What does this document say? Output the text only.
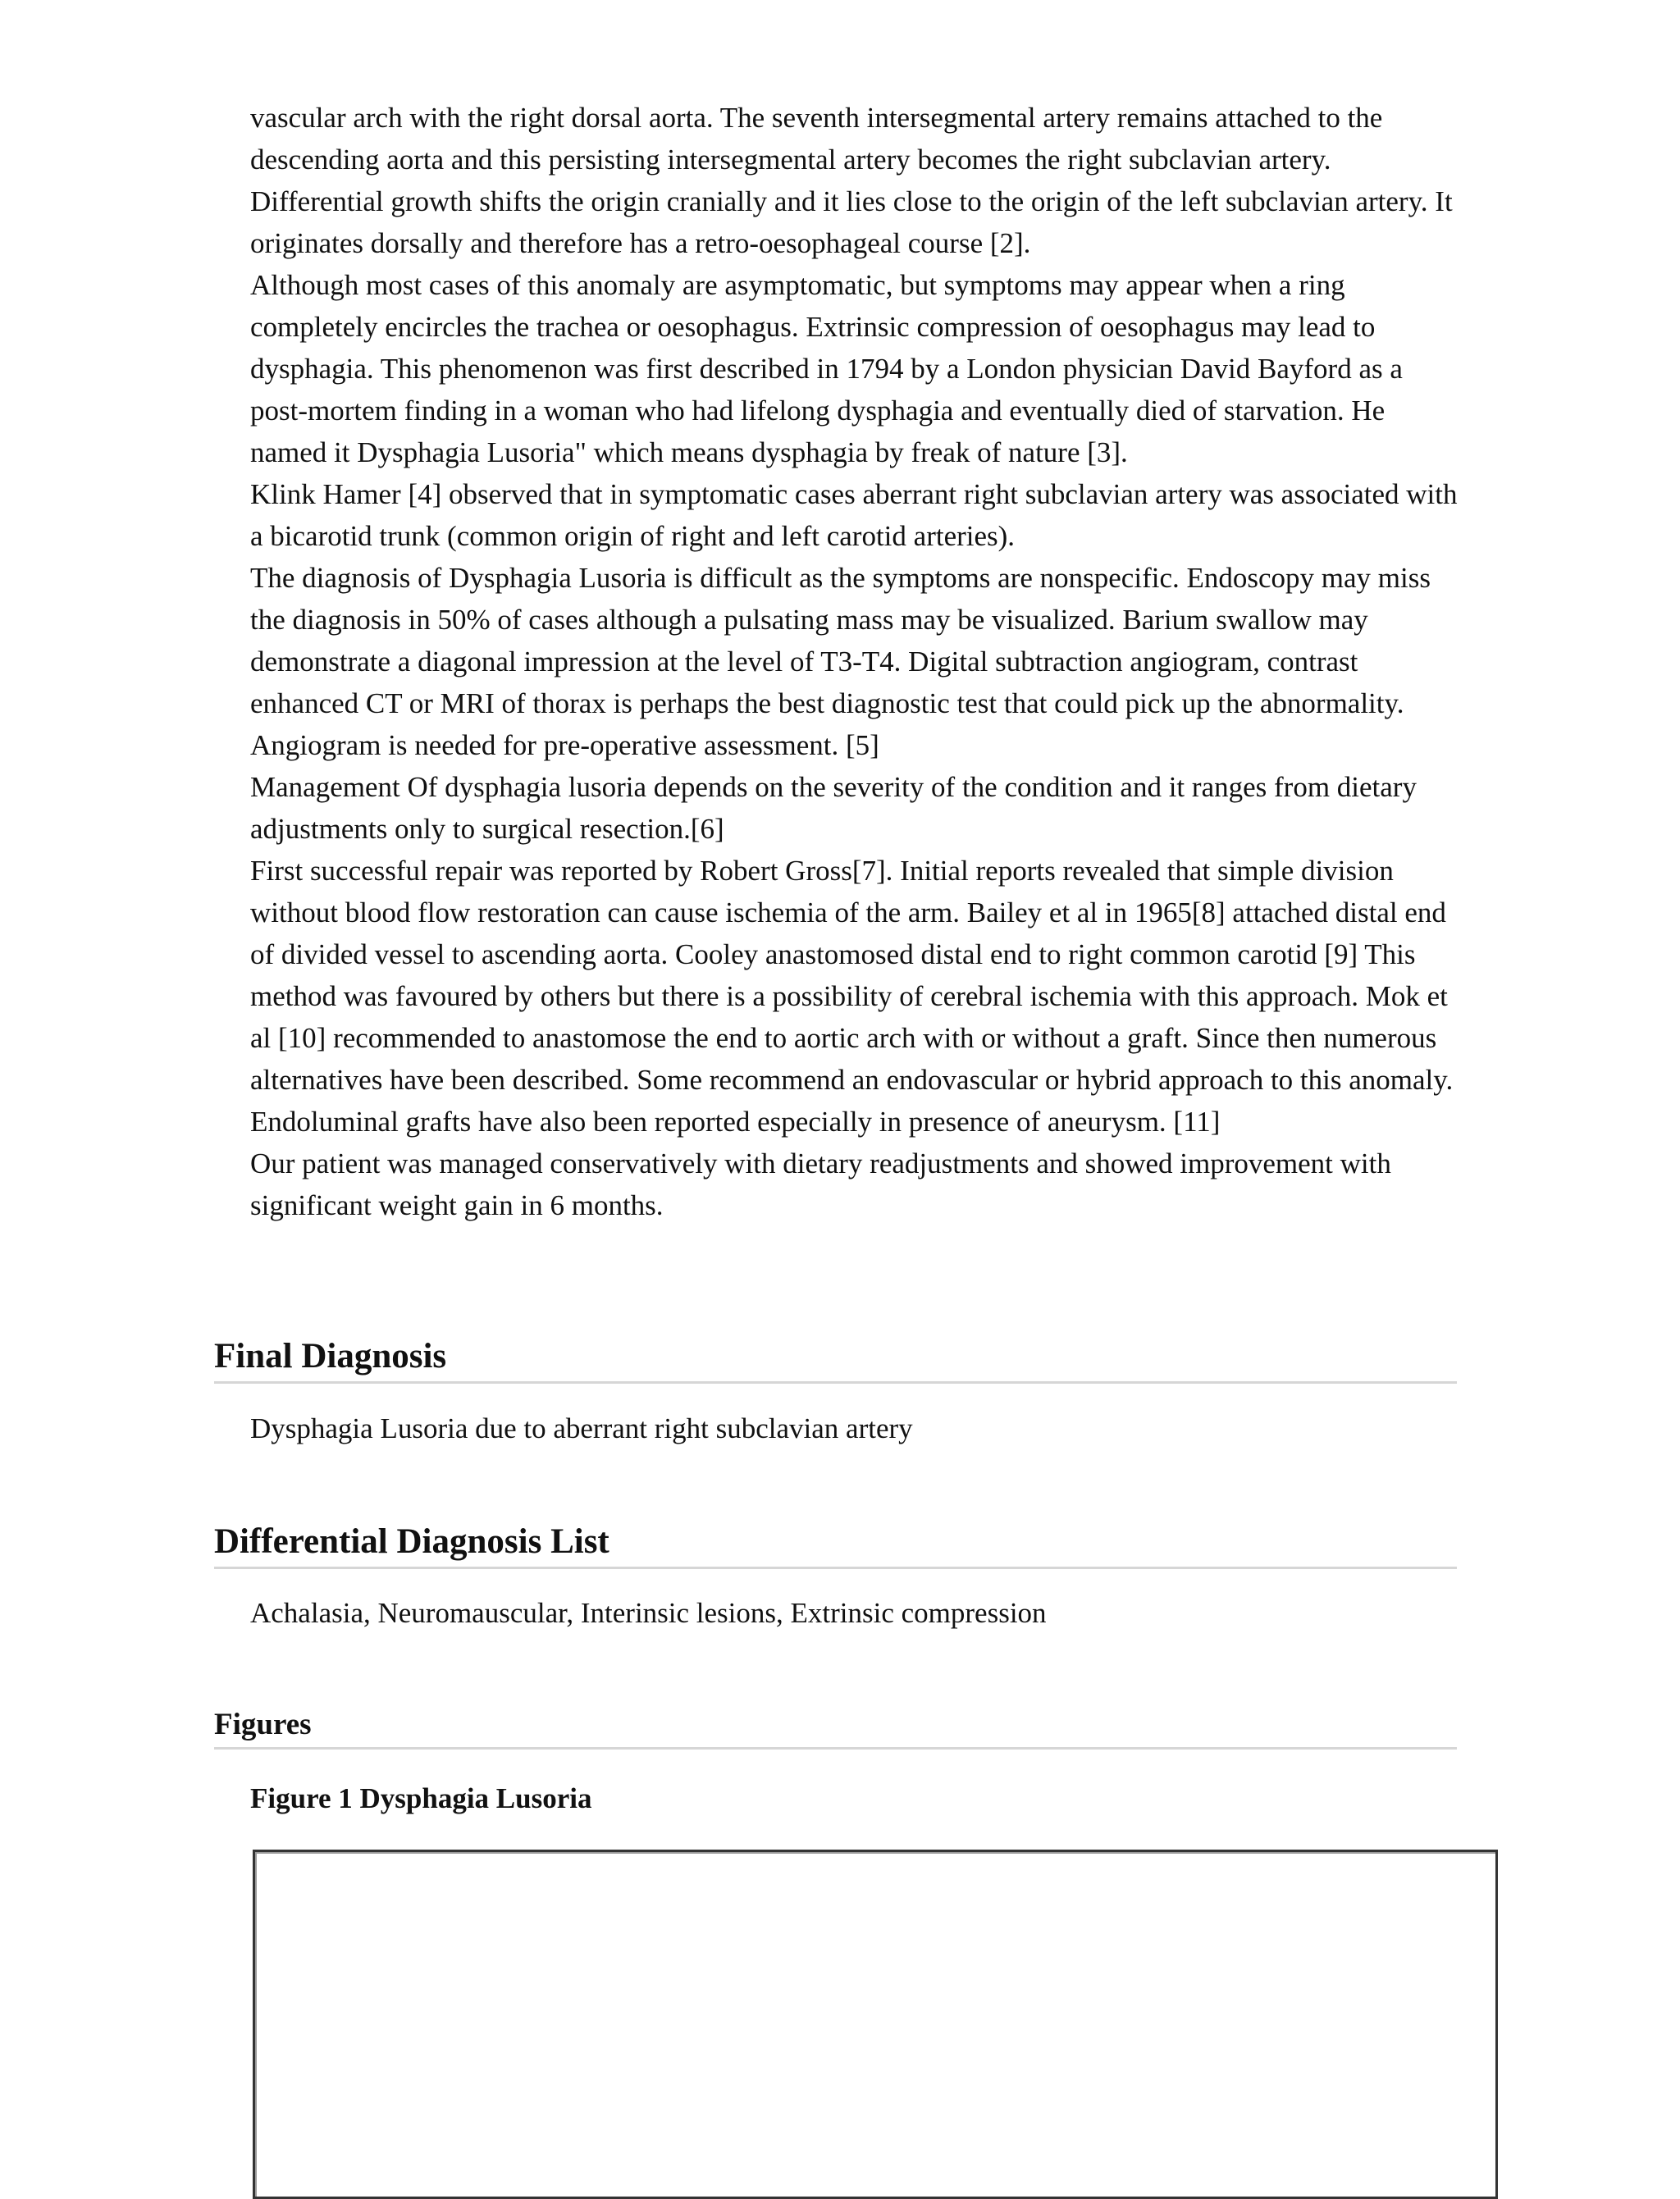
vascular arch with the right dorsal aorta. The seventh intersegmental artery remains attached to the descending aorta and this persisting intersegmental artery becomes the right subclavian artery. Differential growth shifts the origin cranially and it lies close to the origin of the left subclavian artery. It originates dorsally and therefore has a retro-oesophageal course [2].

Although most cases of this anomaly are asymptomatic, but symptoms may appear when a ring completely encircles the trachea or oesophagus. Extrinsic compression of oesophagus may lead to dysphagia. This phenomenon was first described in 1794 by a London physician David Bayford as a post-mortem finding in a woman who had lifelong dysphagia and eventually died of starvation. He named it Dysphagia Lusoria" which means dysphagia by freak of nature [3].

Klink Hamer [4] observed that in symptomatic cases aberrant right subclavian artery was associated with a bicarotid trunk (common origin of right and left carotid arteries).

The diagnosis of Dysphagia Lusoria is difficult as the symptoms are nonspecific. Endoscopy may miss the diagnosis in 50% of cases although a pulsating mass may be visualized. Barium swallow may demonstrate a diagonal impression at the level of T3-T4. Digital subtraction angiogram, contrast enhanced CT or MRI of thorax is perhaps the best diagnostic test that could pick up the abnormality. Angiogram is needed for pre-operative assessment. [5]

Management Of dysphagia lusoria depends on the severity of the condition and it ranges from dietary adjustments only to surgical resection.[6]

First successful repair was reported by Robert Gross[7]. Initial reports revealed that simple division without blood flow restoration can cause ischemia of the arm. Bailey et al in 1965[8] attached distal end of divided vessel to ascending aorta. Cooley anastomosed distal end to right common carotid [9] This method was favoured by others but there is a possibility of cerebral ischemia with this approach. Mok et al [10] recommended to anastomose the end to aortic arch with or without a graft. Since then numerous alternatives have been described. Some recommend an endovascular or hybrid approach to this anomaly. Endoluminal grafts have also been reported especially in presence of aneurysm. [11]

Our patient was managed conservatively with dietary readjustments and showed improvement with significant weight gain in 6 months.

Final Diagnosis

Dysphagia Lusoria due to aberrant right subclavian artery

Differential Diagnosis List

Achalasia, Neuromauscular, Interinsic lesions, Extrinsic compression

Figures

Figure 1 Dysphagia Lusoria
